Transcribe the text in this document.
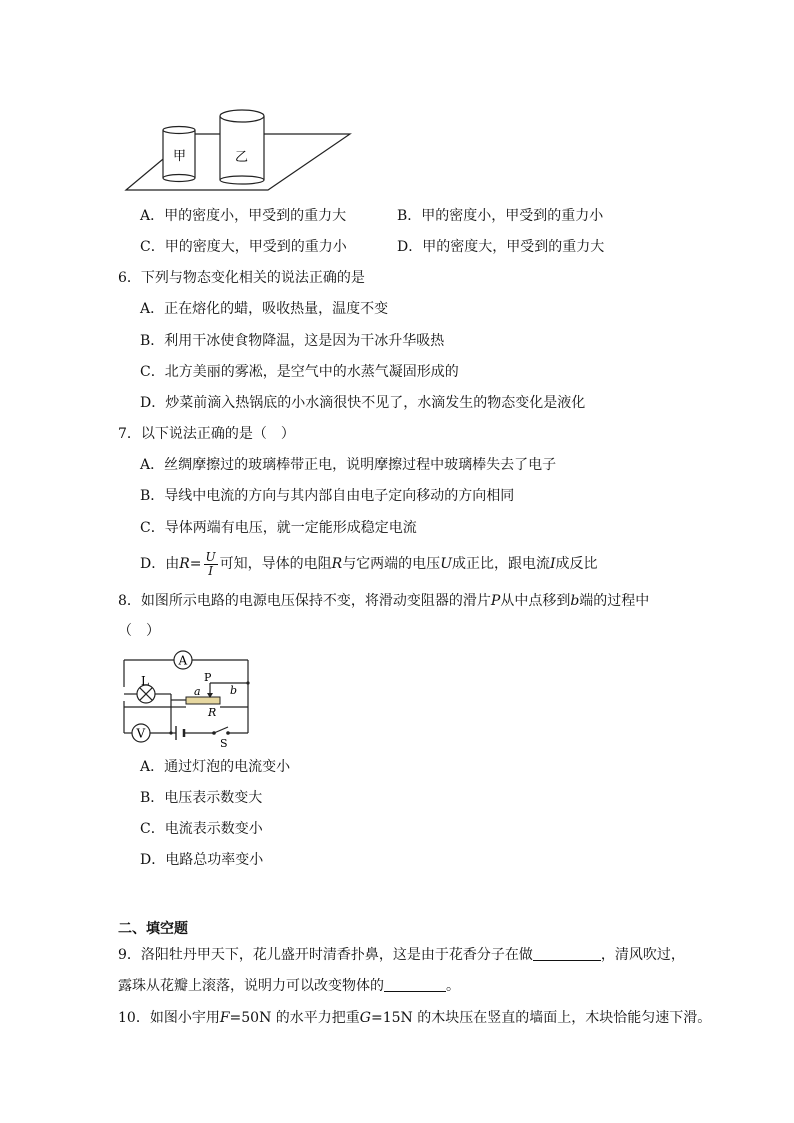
甲	乙
A．甲的密度小，甲受到的重力大	B．甲的密度小，甲受到的重力小
C．甲的密度大，甲受到的重力小	D．甲的密度大，甲受到的重力大
6．下列与物态变化相关的说法正确的是
A．正在熔化的蜡，吸收热量，温度不变
B．利用干冰使食物降温，这是因为干冰升华吸热
C．北方美丽的雾凇，是空气中的水蒸气凝固形成的
D．炒菜前滴入热锅底的小水滴很快不见了，水滴发生的物态变化是液化
7．以下说法正确的是（　）
A．丝绸摩擦过的玻璃棒带正电，说明摩擦过程中玻璃棒失去了电子
B．导线中电流的方向与其内部自由电子定向移动的方向相同
C．导体两端有电压，就一定能形成稳定电流
D．由$R= \frac{U}{I}$ 可知，导体的电阻R与它两端的电压U成正比，跟电流I成反比
8．如图所示电路的电源电压保持不变，将滑动变阻器的滑片P从中点移到b端的过程中
（　）
A
L	P
a	b
R
V
S
A．通过灯泡的电流变小
B．电压表示数变大
C．电流表示数变小
D．电路总功率变小
二、填空题
9．洛阳牡丹甲天下，花儿盛开时清香扑鼻，这是由于花香分子在做	，清风吹过，
露珠从花瓣上滚落，说明力可以改变物体的	。
10．如图小宇用F=50N 的水平力把重G=15N 的木块压在竖直的墙面上，木块恰能匀速下滑。
